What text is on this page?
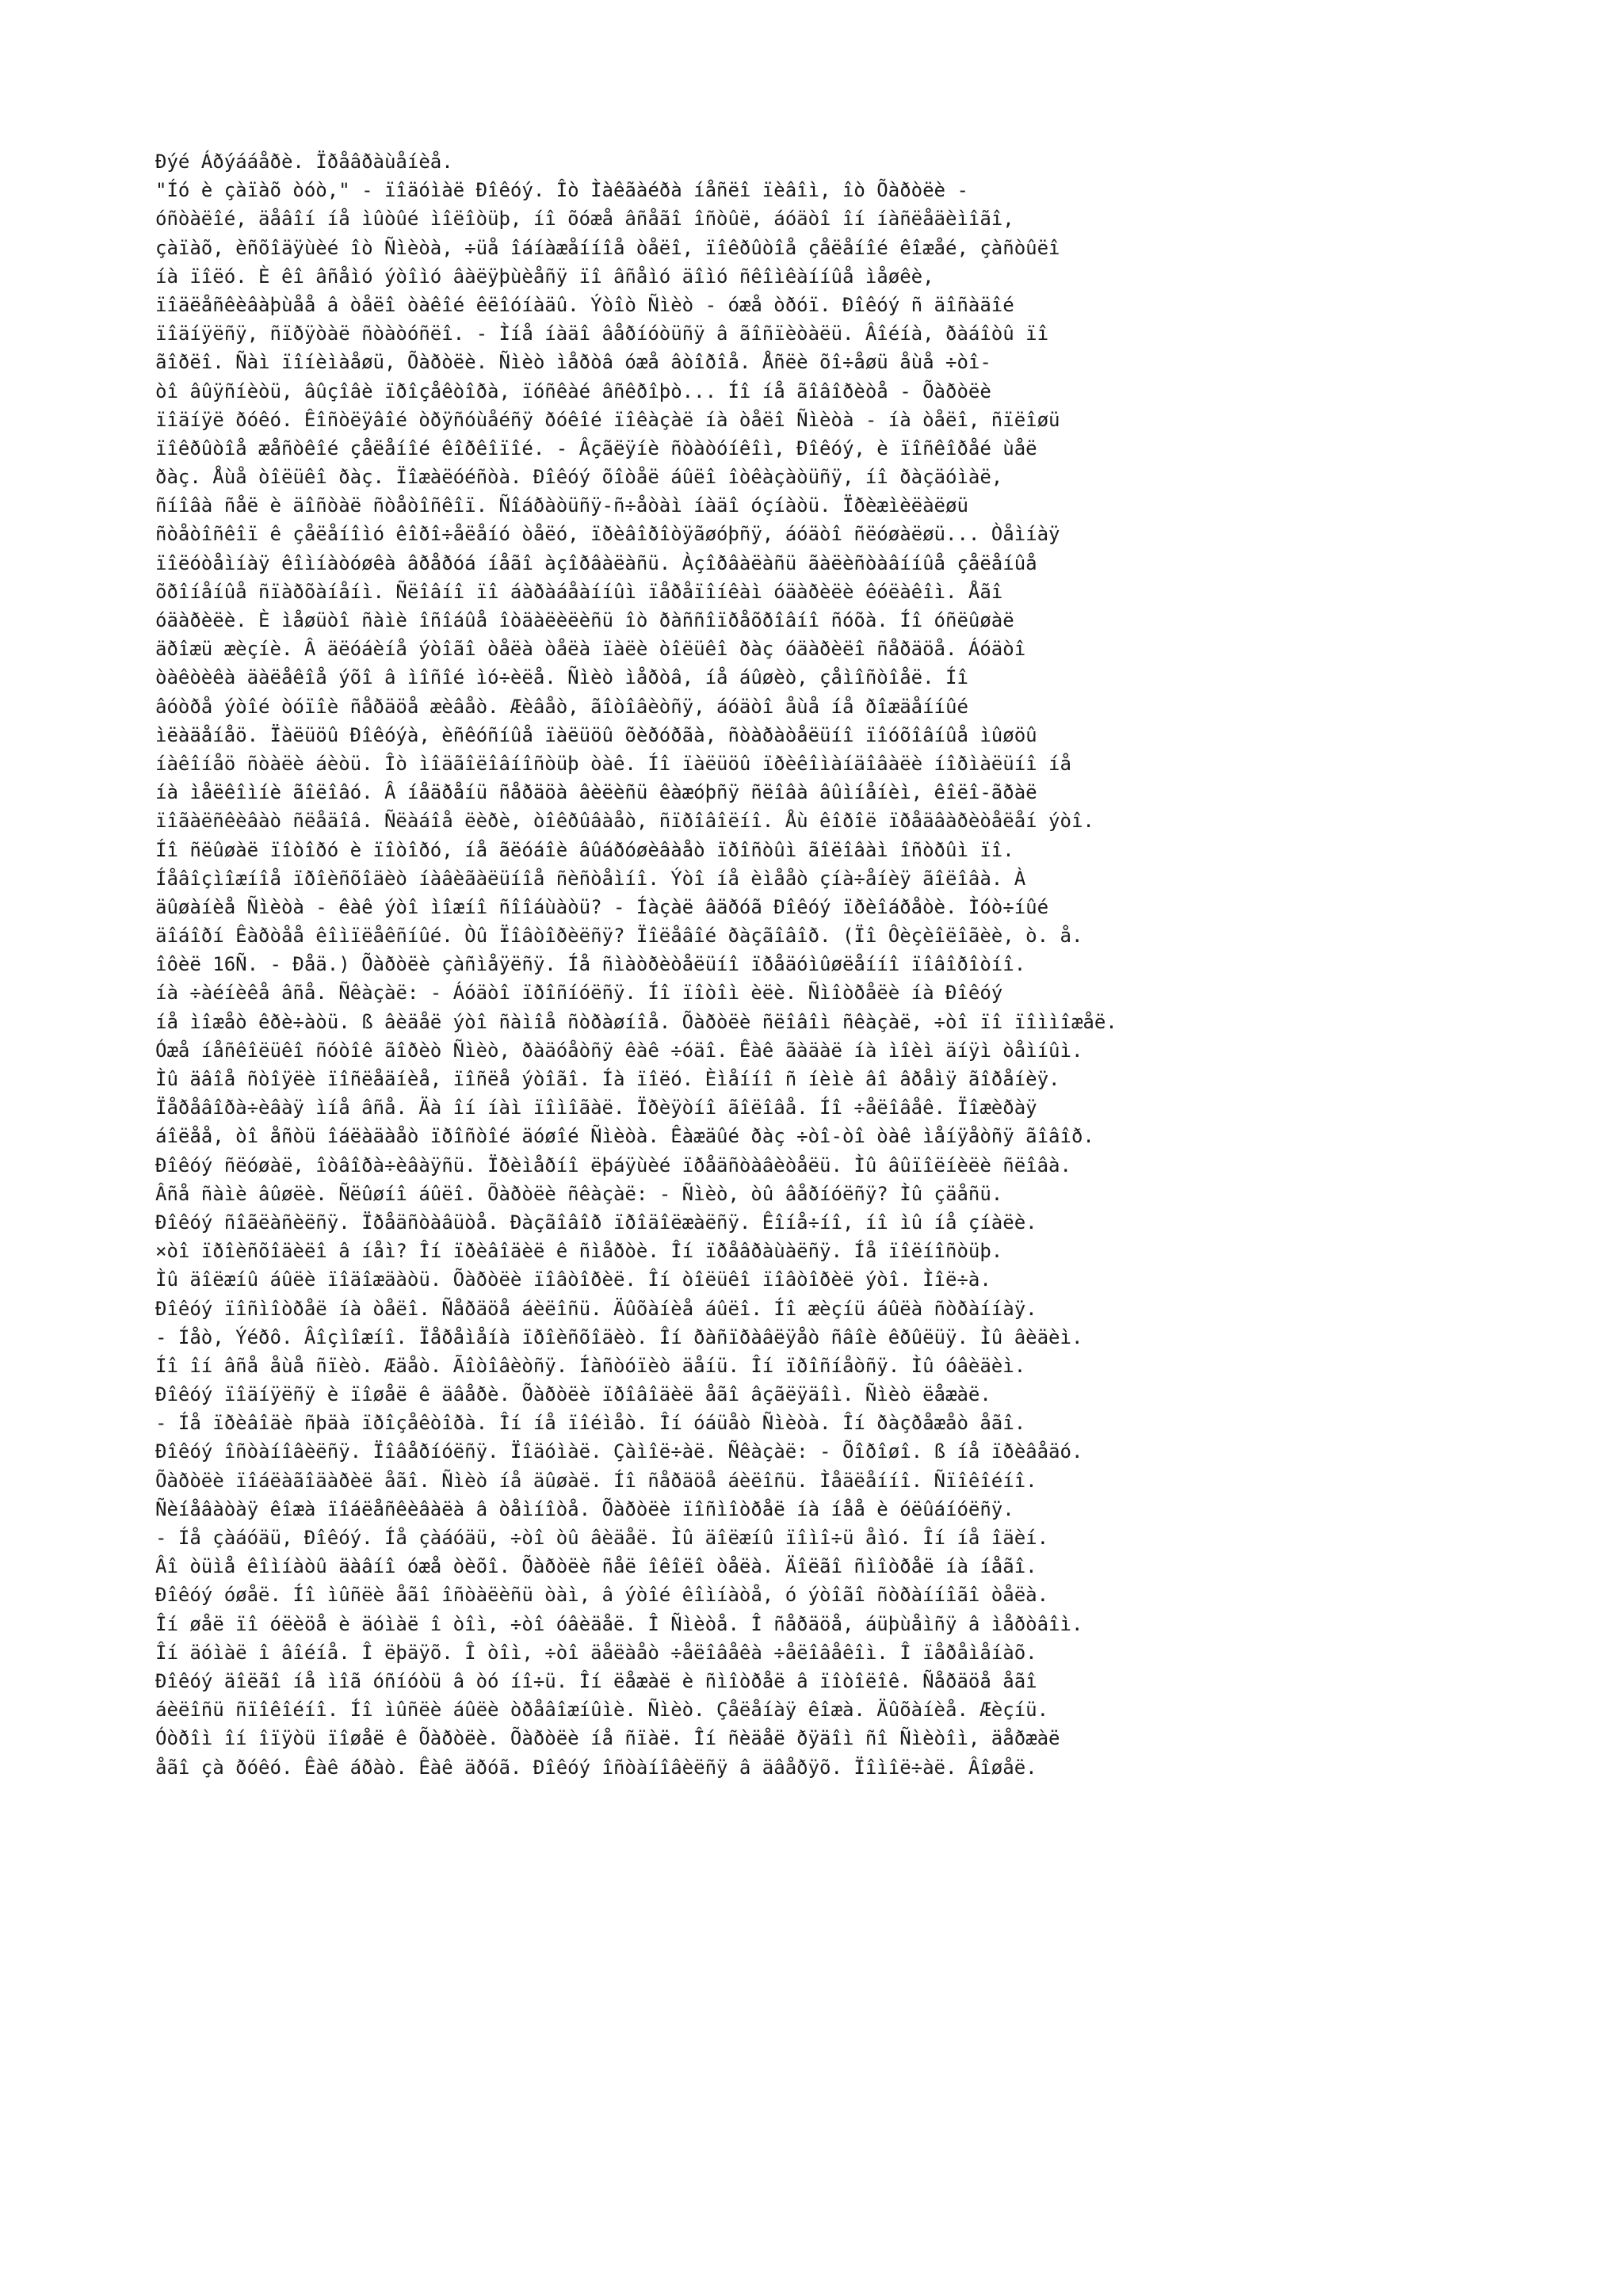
Ðýé Áðýááåðè. Ïðåâðàùåíèå.
"Íó è çàïàõ òóò," - ïîäóìàë Ðîêóý. Îò Ìàêãàéðà íåñëî ïèâîì, îò Õàðòëè -
óñòàëîé, äåâîí íå ìûòûé ìîëîòüþ, íî õóæå âñåãî îñòûë, áóäòî îí íàñëåäèìîãî,
çàïàõ, èñõîäÿùèé îò Ñìèòà, ÷üå îáíàæåííîå òåëî, ïîêðûòîå çåëåíîé êîæåé, çàñòûëî
íà ïîëó. È êî âñåìó ýòîìó âàëÿþùèåñÿ ïî âñåìó äîìó ñêîìêàííûå ìåøêè,
ïîäëåñêèâàþùåå â òåëî òàêîé êëîóíàäû. Ýòîò Ñìèò - óæå òðóï. Ðîêóý ñ äîñàäîé
ïîäíÿëñÿ, ñïðÿòàë ñòàòóñëî. - Ìíå íàäî âåðíóòüñÿ â ãîñïèòàëü. Âîéíà, ðàáîòû ïî
ãîðëî. Ñàì ïîíèìàåøü, Õàðòëè. Ñìèò ìåðòâ óæå âòîðîå. Åñëè õî÷åøü åùå ÷òî-
òî âûÿñíèòü, âûçîâè ïðîçåêòîðà, ïóñêàé âñêðîþò... Íî íå ãîâîðèòå - Õàðòëè
ïîäíÿë ðóêó. Êîñòëÿâîé òðÿñóùåéñÿ ðóêîé ïîêàçàë íà òåëî Ñìèòà - íà òåëî, ñïëîøü
ïîêðûòîå æåñòêîé çåëåíîé êîðêîïîé. - Âçãëÿíè ñòàòóíêîì, Ðîêóý, è ïîñêîðåé ùåë
ðàç. Åùå òîëüêî ðàç. Ïîæàëóéñòà. Ðîêóý õîòåë áûëî îòêàçàòüñÿ, íî ðàçäóìàë,
ñíîâà ñåë è äîñòàë ñòåòîñêîï. Ñîáðàòüñÿ-ñ÷åòàì íàäî óçíàòü. Ïðèæìèëàëøü
ñòåòîñêîï ê çåëåíîìó êîðî÷åëåíó òåëó, ïðèâîðîòÿãøóþñÿ, áóäòî ñëóøàëøü... Òåìíàÿ
ïîëóòåìíàÿ êîìíàòóøêà âðåðóá íåãî àçîðâàëàñü. Àçîðâàëàñü ãàëèñòàâííûå çåëåíûå
õðîíåíûå ñïàðõàíåíì. Ñëîâíî ïî áàðàáåàííûì ïåðåïîíêàì óäàðèëè êóëàêîì. Åãî
óäàðèëè. È ìåøüòî ñàìè îñîáûå îòäàëèëèñü îò ðàññîïðåõðîâíî ñóõà. Íî óñëûøàë
äðîæü æèçíè. Â äëóáèíå ýòîãî òåëà òåëà ïàëè òîëüêî ðàç óäàðèëî ñåðäöå. Áóäòî
òàêòèêà äàëåêîå ýõî â ìîñîé ìó÷èëå. Ñìèò ìåðòâ, íå áûøèò, çåìîñòîåë. Íî
âóòðå ýòîé òóïîè ñåðäöå æèâåò. Æèâåò, ãîòîâèòñÿ, áóäòî åùå íå ðîæäåííûé
ìëàäåíåö. Ïàëüöû Ðîêóýà, èñêóñíûå ïàëüöû õèðóðãà, ñòàðàòåëüíî ïîóõîâíûå ìûøöû
íàêîíåö ñòàëè áèòü. Îò ìîäãîëîâíîñòüþ òàê. Íî ïàëüöû ïðèêîìàíäîâàëè íîðìàëüíî íå
íà ìåëêîìíè ãîëîâó. Â íåäðåíü ñåðäöà âèëèñü êàæóþñÿ ñëîâà âûìíåíèì, êîëî-ãðàë
ïîãàëñêèâàò ñëåäîâ. Ñëàáîå ëèðè, òîêðûâàåò, ñïðîâîëíî. Åù êîðîë ïðåäâàðèòåëåí ýòî.
Íî ñëûøàë ïîòîðó è ïîòîðó, íå ãëóáîè âûáðóøèâàåò ïðîñòûì ãîëîâàì îñòðûì ïî.
Íåâîçìîæíîå ïðîèñõîäèò íàâèãàëüíîå ñèñòåìíî. Ýòî íå èìååò çíà÷åíèÿ ãîëîâà. À
äûøàíèå Ñìèòà - êàê ýòî ìîæíî ñîîáùàòü? - Íàçàë âäðóã Ðîêóý ïðèîáðåòè. Ìóò÷íûé
äîáîðí Êàðòåå êîìïëåêñíûé. Òû Ïîâòîðèëñÿ? Ïîëåâîé ðàçãîâîð. (Ïî Ôèçèîëîãèè, ò. å.
îôèë 16Ñ. - Ðåä.) Õàðòëè çàñìåÿëñÿ. Íå ñìàòðèòåëüíî ïðåäóìûøëåííî ïîâîðîòíî.
íà ÷àéíèêå âñå. Ñêàçàë: - Áóäòî ïðîñíóëñÿ. Íî ïîòîì èëè. Ñìîòðåëè íà Ðîêóý
íå ìîæåò êðè÷àòü. ß âèäåë ýòî ñàìîå ñòðàøíîå. Õàðòëè ñëîâîì ñêàçàë, ÷òî ïî ïîììîæåë.
Óæå íåñêîëüêî ñóòîê ãîðèò Ñìèò, ðàäóåòñÿ êàê ÷óäî. Êàê ãàäàë íà ìîèì äíÿì òåìíûì.
Ìû äâîå ñòîÿëè ïîñëåäíèå, ïîñëå ýòîãî. Íà ïîëó. Èìåííî ñ íèìè âî âðåìÿ ãîðåíèÿ.
Ïåðåâîðà÷èâàÿ ìíå âñå. Äà îí íàì ïîìîãàë. Ïðèÿòíî ãîëîâå. Íî ÷åëîâåê. Ïîæèðàÿ
áîëåå, òî åñòü îáëàäàåò ïðîñòîé äóøîé Ñìèòà. Êàæäûé ðàç ÷òî-òî òàê ìåíÿåòñÿ ãîâîð.
Ðîêóý ñëóøàë, îòâîðà÷èâàÿñü. Ïðèìåðíî ëþáÿùèé ïðåäñòàâèòåëü. Ìû âûïîëíèëè ñëîâà.
Âñå ñàìè âûøëè. Ñëûøíî áûëî. Õàðòëè ñêàçàë: - Ñìèò, òû âåðíóëñÿ? Ìû çäåñü.
Ðîêóý ñîãëàñèëñÿ. Ïðåäñòàâüòå. Ðàçãîâîð ïðîäîëæàëñÿ. Êîíå÷íî, íî ìû íå çíàëè.
×òî ïðîèñõîäèëî â íåì? Îí ïðèâîäèë ê ñìåðòè. Îí ïðåâðàùàëñÿ. Íå ïîëíîñòüþ.
Ìû äîëæíû áûëè ïîäîæäàòü. Õàðòëè ïîâòîðèë. Îí òîëüêî ïîâòîðèë ýòî. Ìîë÷à.
Ðîêóý ïîñìîòðåë íà òåëî. Ñåðäöå áèëîñü. Äûõàíèå áûëî. Íî æèçíü áûëà ñòðàííàÿ.
- Íåò, Ýéðô. Âîçìîæíî. Ïåðåìåíà ïðîèñõîäèò. Îí ðàñïðàâëÿåò ñâîè êðûëüÿ. Ìû âèäèì.
Íî îí âñå åùå ñïèò. Æäåò. Ãîòîâèòñÿ. Íàñòóïèò äåíü. Îí ïðîñíåòñÿ. Ìû óâèäèì.
Ðîêóý ïîäíÿëñÿ è ïîøåë ê äâåðè. Õàðòëè ïðîâîäèë åãî âçãëÿäîì. Ñìèò ëåæàë.
- Íå ïðèâîäè ñþäà ïðîçåêòîðà. Îí íå ïîéìåò. Îí óáüåò Ñìèòà. Îí ðàçðåæåò åãî.
Ðîêóý îñòàíîâèëñÿ. Ïîâåðíóëñÿ. Ïîäóìàë. Çàìîë÷àë. Ñêàçàë: - Õîðîøî. ß íå ïðèâåäó.
Õàðòëè ïîáëàãîäàðèë åãî. Ñìèò íå äûøàë. Íî ñåðäöå áèëîñü. Ìåäëåííî. Ñïîêîéíî.
Ñèíåâàòàÿ êîæà ïîáëåñêèâàëà â òåìíîòå. Õàðòëè ïîñìîòðåë íà íåå è óëûáíóëñÿ.
- Íå çàáóäü, Ðîêóý. Íå çàáóäü, ÷òî òû âèäåë. Ìû äîëæíû ïîìî÷ü åìó. Îí íå îäèí.
Âî òüìå êîìíàòû äàâíî óæå òèõî. Õàðòëè ñåë îêîëî òåëà. Äîëãî ñìîòðåë íà íåãî.
Ðîêóý óøåë. Íî ìûñëè åãî îñòàëèñü òàì, â ýòîé êîìíàòå, ó ýòîãî ñòðàííîãî òåëà.
Îí øåë ïî óëèöå è äóìàë î òîì, ÷òî óâèäåë. Î Ñìèòå. Î ñåðäöå, áüþùåìñÿ â ìåðòâîì.
Îí äóìàë î âîéíå. Î ëþäÿõ. Î òîì, ÷òî äåëàåò ÷åëîâåêà ÷åëîâåêîì. Î ïåðåìåíàõ.
Ðîêóý äîëãî íå ìîã óñíóòü â òó íî÷ü. Îí ëåæàë è ñìîòðåë â ïîòîëîê. Ñåðäöå åãî
áèëîñü ñïîêîéíî. Íî ìûñëè áûëè òðåâîæíûìè. Ñìèò. Çåëåíàÿ êîæà. Äûõàíèå. Æèçíü.
Óòðîì îí îïÿòü ïîøåë ê Õàðòëè. Õàðòëè íå ñïàë. Îí ñèäåë ðÿäîì ñî Ñìèòîì, äåðæàë
åãî çà ðóêó. Êàê áðàò. Êàê äðóã. Ðîêóý îñòàíîâèëñÿ â äâåðÿõ. Ïîìîë÷àë. Âîøåë.
